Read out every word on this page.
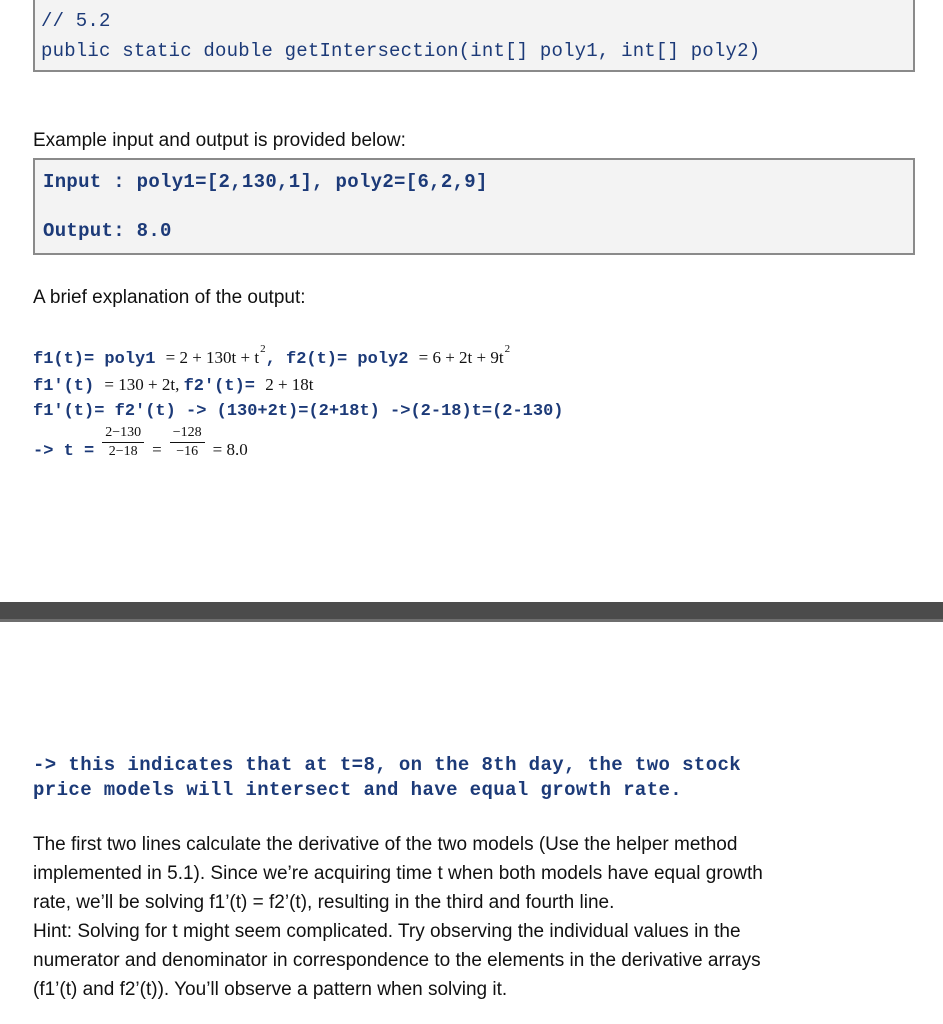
// 5.2
public static double getIntersection(int[] poly1, int[] poly2)
Example input and output is provided below:
Input : poly1=[2,130,1], poly2=[6,2,9]
Output: 8.0
A brief explanation of the output:
f1(t)= poly1 = $2 + 130t + t^2$, f2(t)= poly2 = $6 + 2t + 9t^2$
f1'(t) = 130 + 2t, f2'(t)= 2 + 18t
f1'(t)= f2'(t) -> (130+2t)=(2+18t) ->(2-18)t=(2-130)
-> $t = \frac{2-130}{2-18} = \frac{-128}{-16} = 8.0$
-> this indicates that at t=8, on the 8th day, the two stock
price models will intersect and have equal growth rate.
The first two lines calculate the derivative of the two models (Use the helper method
implemented in 5.1). Since we’re acquiring time t when both models have equal growth
rate, we’ll be solving f1’(t) = f2’(t), resulting in the third and fourth line.
Hint: Solving for t might seem complicated. Try observing the individual values in the
numerator and denominator in correspondence to the elements in the derivative arrays
(f1’(t) and f2’(t)). You’ll observe a pattern when solving it.
